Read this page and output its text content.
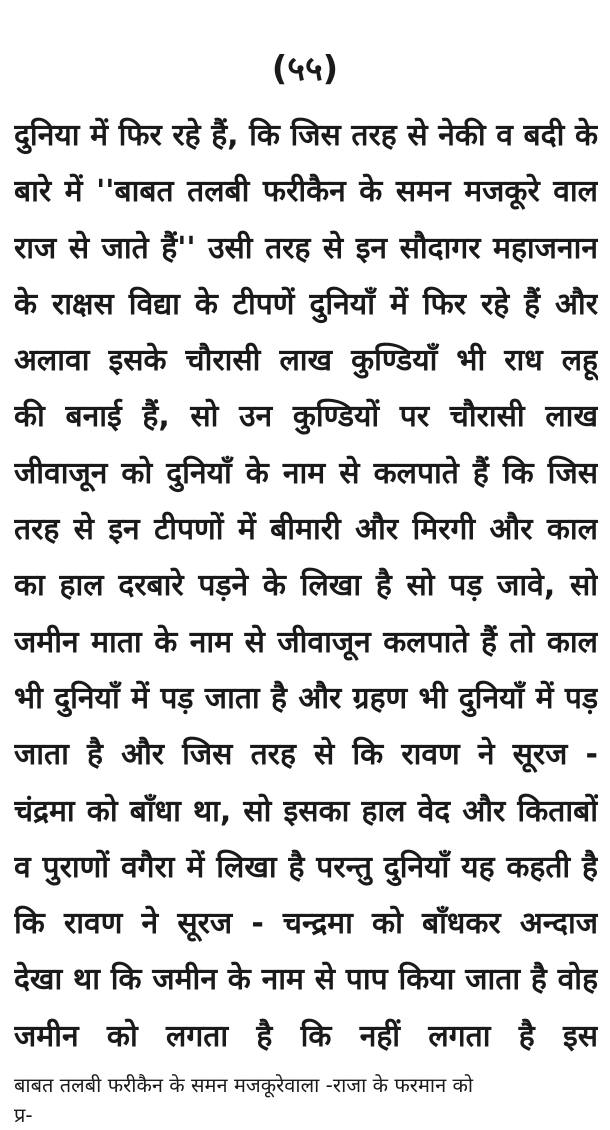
(५५)
दुनिया में फिर रहे हैं, कि जिस तरह से नेकी व बदी के
बारे में ''बाबत तलबी फरीकैन के समन मजकूरे वाल
राज से जाते हैं'' उसी तरह से इन सौदागर महाजनान
के राक्षस विद्या के टीपणें दुनियाँ में फिर रहे हैं और
अलावा इसके चौरासी लाख कुण्डियाँ भी राध लहू
की बनाई हैं, सो उन कुण्डियों पर चौरासी लाख
जीवाजून को दुनियाँ के नाम से कलपाते हैं कि जिस
तरह से इन टीपणों में बीमारी और मिरगी और काल
का हाल दरबारे पड़ने के लिखा है सो पड़ जावे, सो
जमीन माता के नाम से जीवाजून कलपाते हैं तो काल
भी दुनियाँ में पड़ जाता है और ग्रहण भी दुनियाँ में पड़
जाता है और जिस तरह से कि रावण ने सूरज -
चंद्रमा को बाँधा था, सो इसका हाल वेद और किताबों
व पुराणों वगैरा में लिखा है परन्तु दुनियाँ यह कहती है
कि रावण ने सूरज - चन्द्रमा को बाँधकर अन्दाज
देखा था कि जमीन के नाम से पाप किया जाता है वोह
जमीन को लगता है कि नहीं लगता है इस
बाबत तलबी फरीकैन के समन मजकूरेवाला -राजा के फरमान को
प्र-
